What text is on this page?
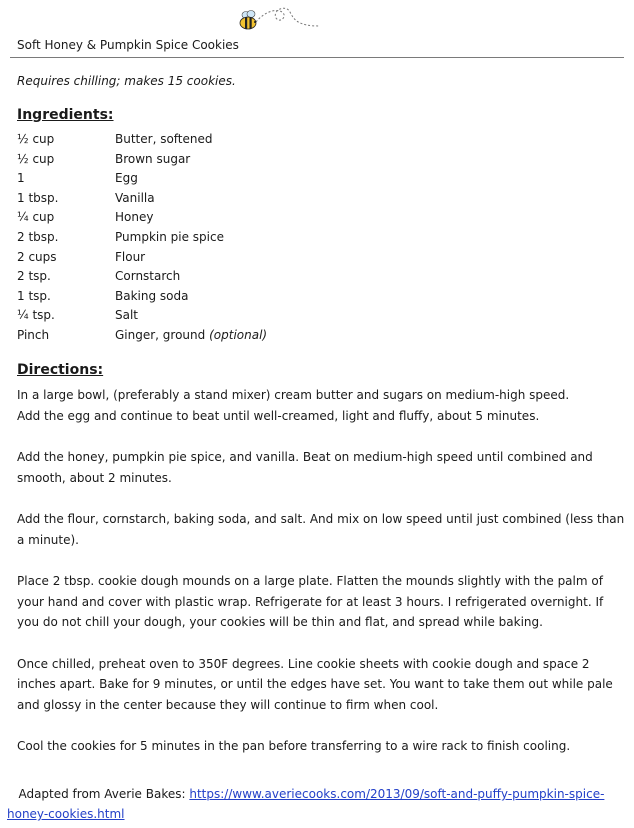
Soft Honey & Pumpkin Spice Cookies
Requires chilling; makes 15 cookies.
Ingredients:
½ cup	Butter, softened
½ cup	Brown sugar
1	Egg
1 tbsp.	Vanilla
¼ cup	Honey
2 tbsp.	Pumpkin pie spice
2 cups	Flour
2 tsp.	Cornstarch
1 tsp.	Baking soda
¼ tsp.	Salt
Pinch	Ginger, ground (optional)
Directions:
In a large bowl, (preferably a stand mixer) cream butter and sugars on medium-high speed.
Add the egg and continue to beat until well-creamed, light and fluffy, about 5 minutes.
Add the honey, pumpkin pie spice, and vanilla. Beat on medium-high speed until combined and smooth, about 2 minutes.
Add the flour, cornstarch, baking soda, and salt. And mix on low speed until just combined (less than a minute).
Place 2 tbsp. cookie dough mounds on a large plate. Flatten the mounds slightly with the palm of your hand and cover with plastic wrap. Refrigerate for at least 3 hours. I refrigerated overnight. If you do not chill your dough, your cookies will be thin and flat, and spread while baking.
Once chilled, preheat oven to 350F degrees. Line cookie sheets with cookie dough and space 2 inches apart. Bake for 9 minutes, or until the edges have set. You want to take them out while pale and glossy in the center because they will continue to firm when cool.
Cool the cookies for 5 minutes in the pan before transferring to a wire rack to finish cooling.
Adapted from Averie Bakes: https://www.averiecooks.com/2013/09/soft-and-puffy-pumpkin-spice-honey-cookies.html
